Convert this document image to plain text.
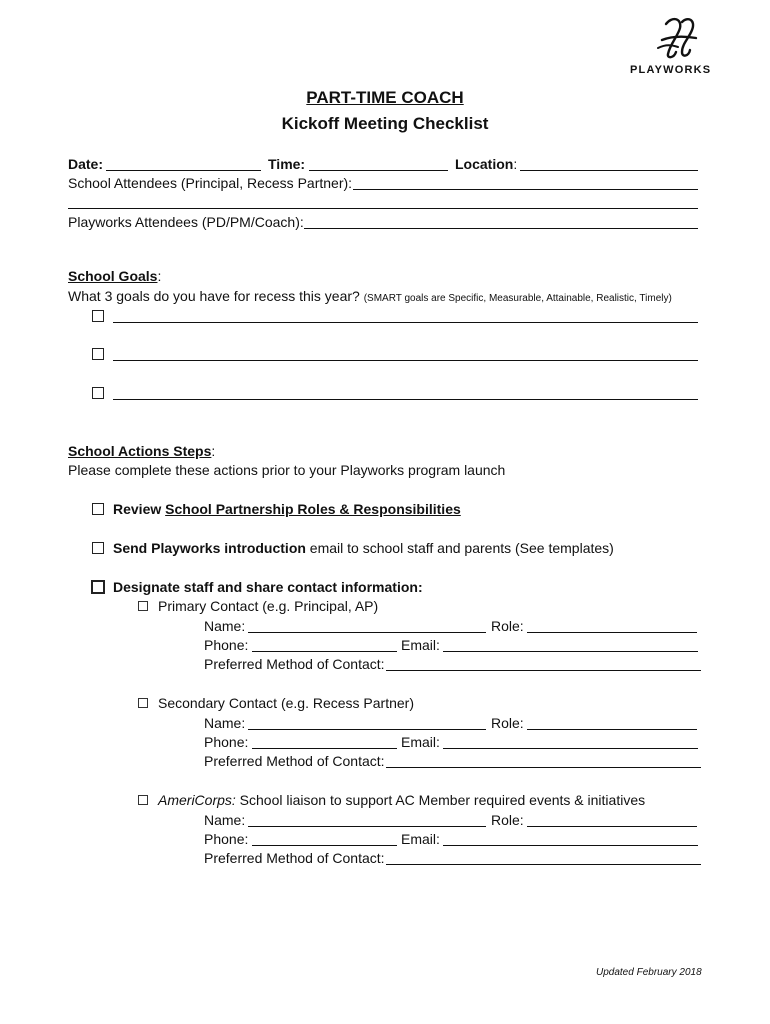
PLAYWORKS
PART-TIME COACH
Kickoff Meeting Checklist
Date:	Time:	Location:
School Attendees (Principal, Recess Partner):
Playworks Attendees (PD/PM/Coach):
School Goals:
What 3 goals do you have for recess this year? (SMART goals are Specific, Measurable, Attainable, Realistic, Timely)
School Actions Steps:
Please complete these actions prior to your Playworks program launch
Review School Partnership Roles & Responsibilities
Send Playworks introduction email to school staff and parents (See templates)
Designate staff and share contact information:
Primary Contact (e.g. Principal, AP)
Name:	Role:
Phone:	Email:
Preferred Method of Contact:
Secondary Contact (e.g. Recess Partner)
Name:	Role:
Phone:	Email:
Preferred Method of Contact:
AmeriCorps: School liaison to support AC Member required events & initiatives
Name:	Role:
Phone:	Email:
Preferred Method of Contact:
Updated February 2018
